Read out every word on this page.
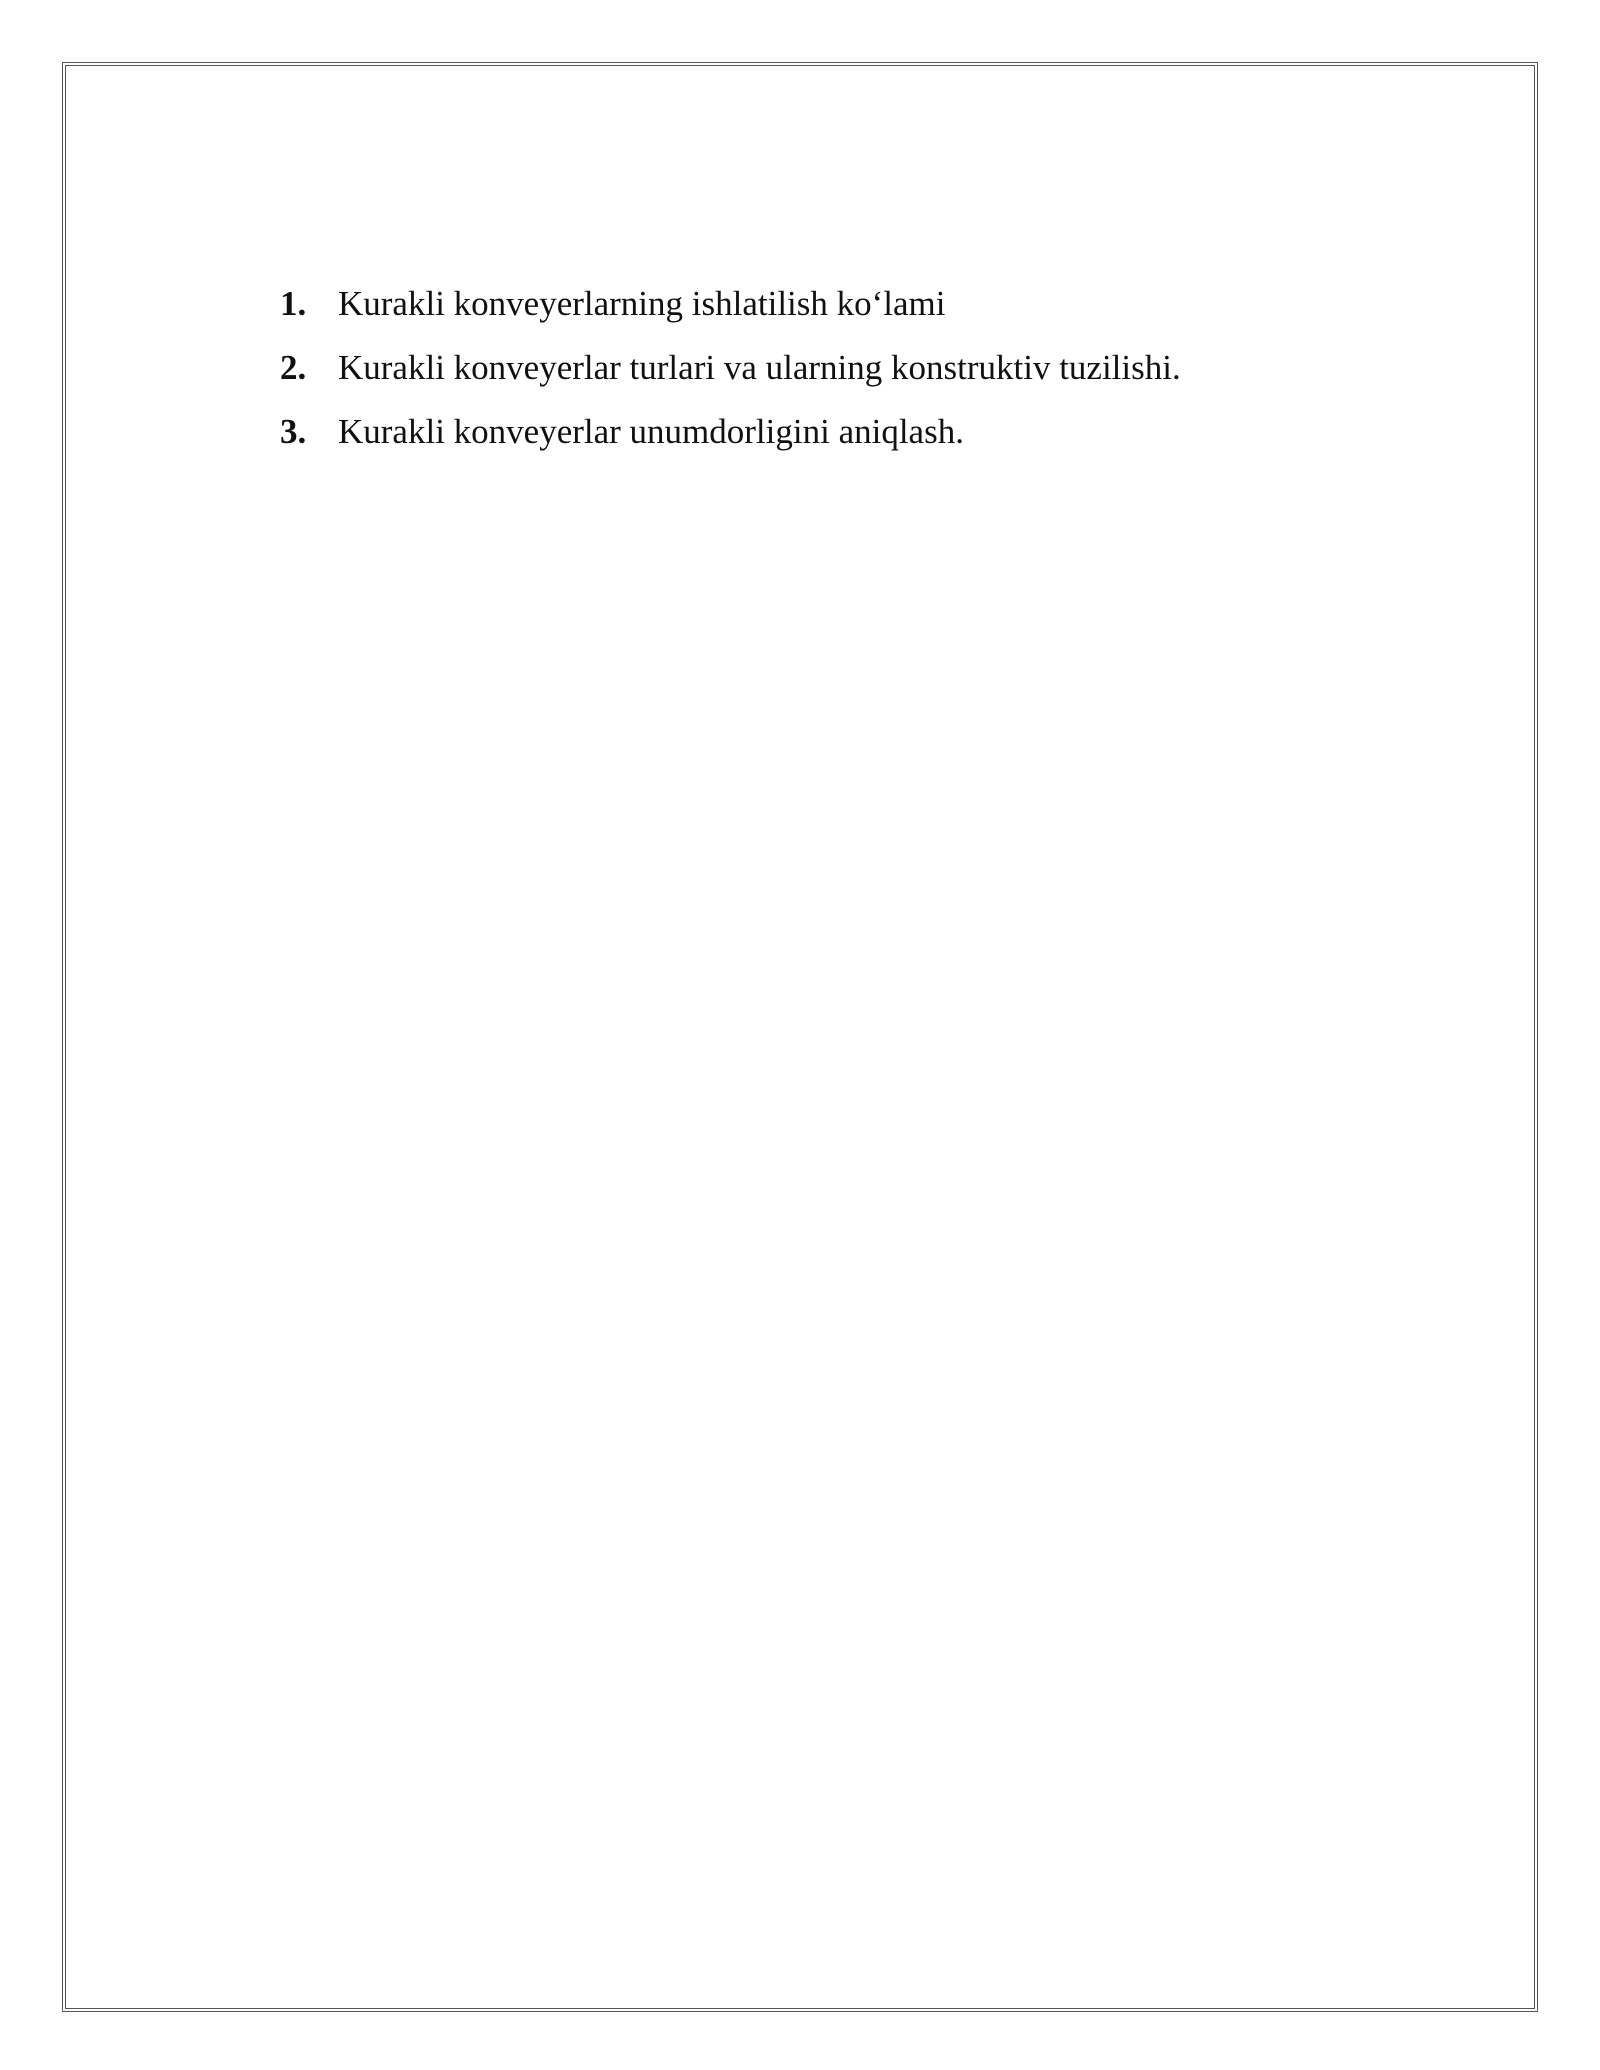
1. Kurakli konveyerlarning ishlatilish ko‘lami
2. Kurakli konveyerlar turlari va ularning konstruktiv tuzilishi.
3. Kurakli konveyerlar unumdorligini aniqlash.
